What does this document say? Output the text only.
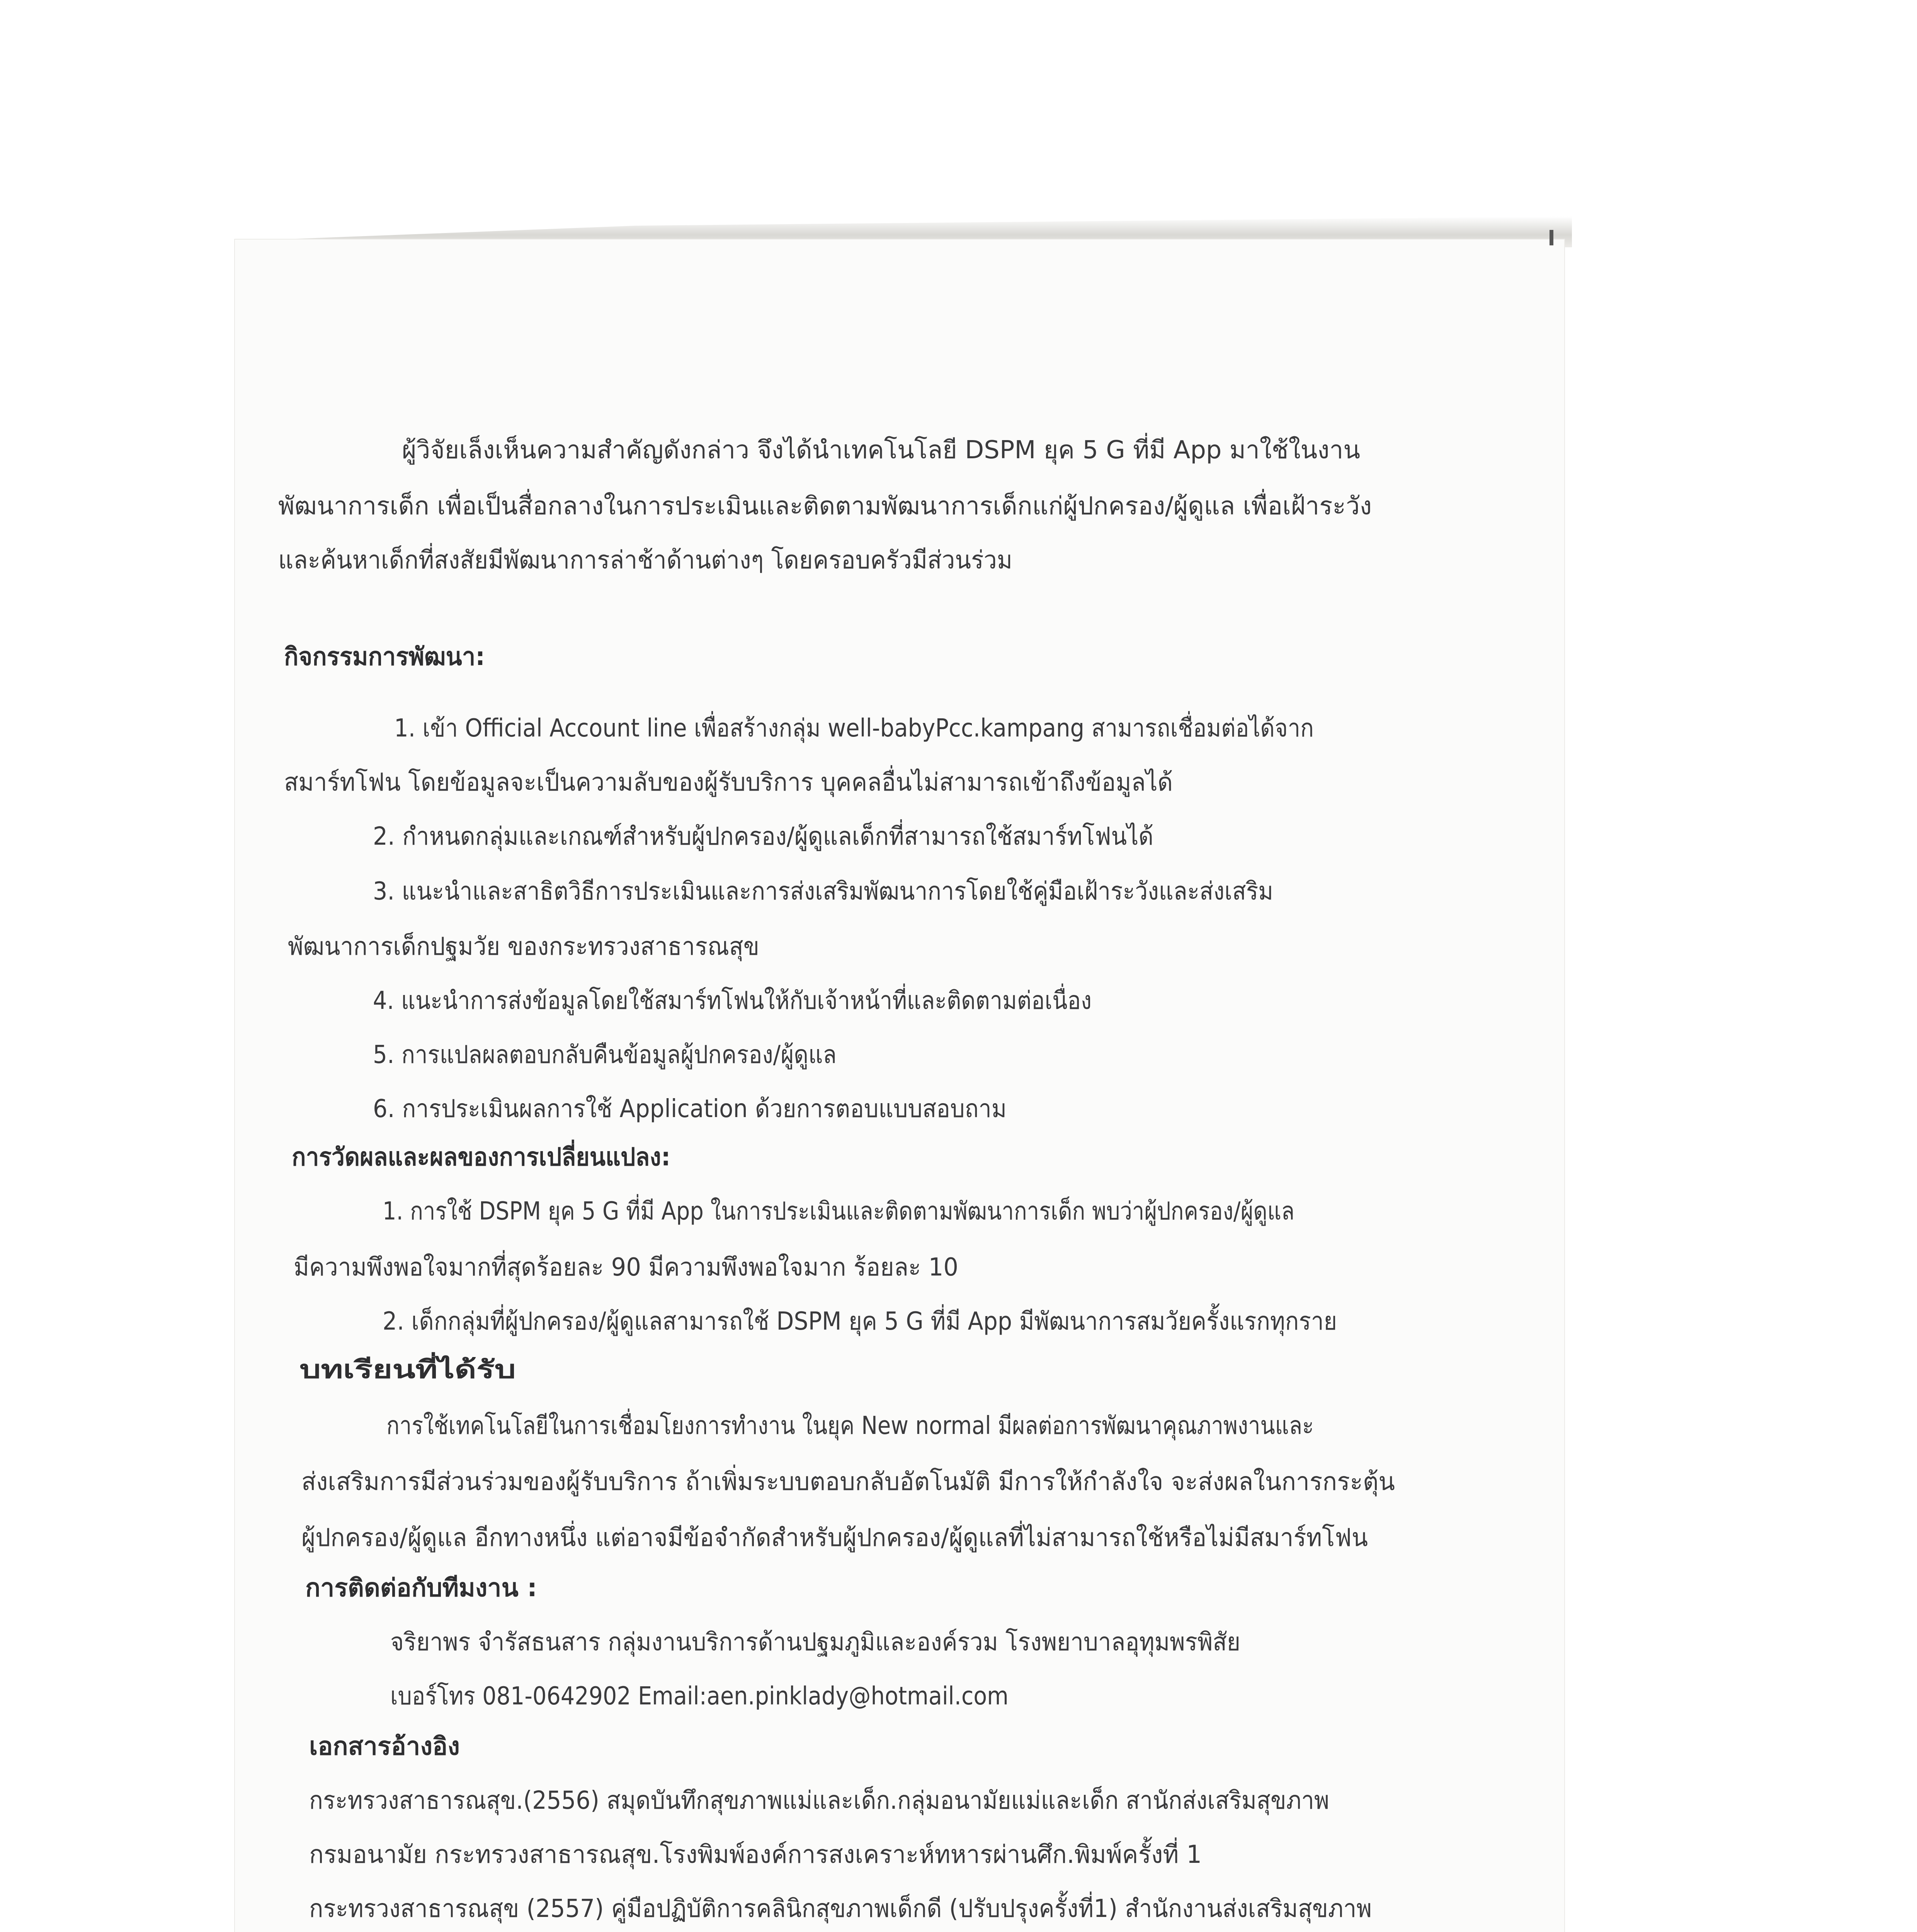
ผู้วิจัยเล็งเห็นความสำคัญดังกล่าว จึงได้นำเทคโนโลยี DSPM ยุค 5 G ที่มี App มาใช้ในงาน
พัฒนาการเด็ก เพื่อเป็นสื่อกลางในการประเมินและติดตามพัฒนาการเด็กแก่ผู้ปกครอง/ผู้ดูแล เพื่อเฝ้าระวัง
และค้นหาเด็กที่สงสัยมีพัฒนาการล่าช้าด้านต่างๆ โดยครอบครัวมีส่วนร่วม
กิจกรรมการพัฒนา:
1. เข้า Official Account line เพื่อสร้างกลุ่ม well-babyPcc.kampang สามารถเชื่อมต่อได้จาก
สมาร์ทโฟน โดยข้อมูลจะเป็นความลับของผู้รับบริการ บุคคลอื่นไม่สามารถเข้าถึงข้อมูลได้
2. กำหนดกลุ่มและเกณฑ์สำหรับผู้ปกครอง/ผู้ดูแลเด็กที่สามารถใช้สมาร์ทโฟนได้
3. แนะนำและสาธิตวิธีการประเมินและการส่งเสริมพัฒนาการโดยใช้คู่มือเฝ้าระวังและส่งเสริม
พัฒนาการเด็กปฐมวัย ของกระทรวงสาธารณสุข
4. แนะนำการส่งข้อมูลโดยใช้สมาร์ทโฟนให้กับเจ้าหน้าที่และติดตามต่อเนื่อง
5. การแปลผลตอบกลับคืนข้อมูลผู้ปกครอง/ผู้ดูแล
6. การประเมินผลการใช้ Application ด้วยการตอบแบบสอบถาม
การวัดผลและผลของการเปลี่ยนแปลง:
1. การใช้ DSPM ยุค 5 G ที่มี App ในการประเมินและติดตามพัฒนาการเด็ก พบว่าผู้ปกครอง/ผู้ดูแล
มีความพึงพอใจมากที่สุดร้อยละ 90 มีความพึงพอใจมาก ร้อยละ 10
2. เด็กกลุ่มที่ผู้ปกครอง/ผู้ดูแลสามารถใช้ DSPM ยุค 5 G ที่มี App มีพัฒนาการสมวัยครั้งแรกทุกราย
บทเรียนที่ได้รับ
การใช้เทคโนโลยีในการเชื่อมโยงการทำงาน ในยุค New normal มีผลต่อการพัฒนาคุณภาพงานและ
ส่งเสริมการมีส่วนร่วมของผู้รับบริการ ถ้าเพิ่มระบบตอบกลับอัตโนมัติ มีการให้กำลังใจ จะส่งผลในการกระตุ้น
ผู้ปกครอง/ผู้ดูแล อีกทางหนึ่ง แต่อาจมีข้อจำกัดสำหรับผู้ปกครอง/ผู้ดูแลที่ไม่สามารถใช้หรือไม่มีสมาร์ทโฟน
การติดต่อกับทีมงาน :
จริยาพร จำรัสธนสาร กลุ่มงานบริการด้านปฐมภูมิและองค์รวม โรงพยาบาลอุทุมพรพิสัย
เบอร์โทร 081-0642902 Email:aen.pinklady@hotmail.com
เอกสารอ้างอิง
กระทรวงสาธารณสุข.(2556) สมุดบันทึกสุขภาพแม่และเด็ก.กลุ่มอนามัยแม่และเด็ก สานักส่งเสริมสุขภาพ
กรมอนามัย กระทรวงสาธารณสุข.โรงพิมพ์องค์การสงเคราะห์ทหารผ่านศึก.พิมพ์ครั้งที่ 1
กระทรวงสาธารณสุข (2557) คู่มือปฏิบัติการคลินิกสุขภาพเด็กดี (ปรับปรุงครั้งที่1) สำนักงานส่งเสริมสุขภาพ
